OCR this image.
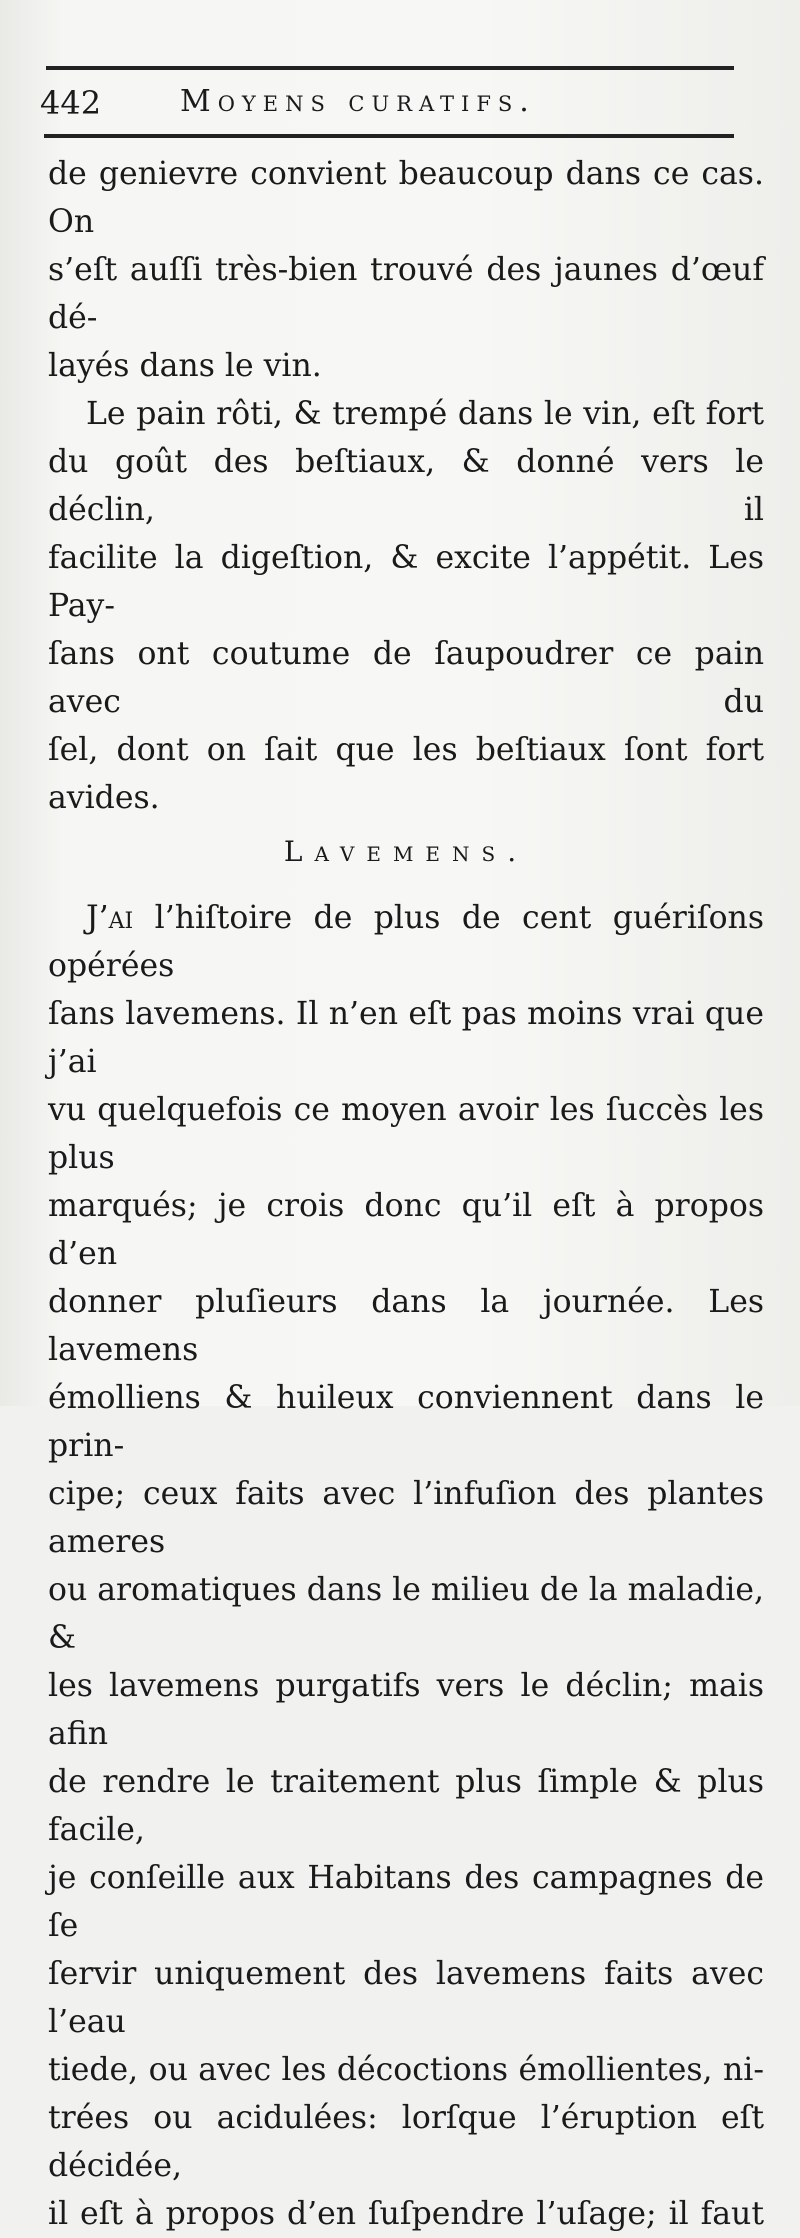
442	Moyens curatifs.

de genievre convient beaucoup dans ce cas. On
s’eſt auſſi très-bien trouvé des jaunes d’œuf dé-
layés dans le vin.

Le pain rôti, & trempé dans le vin, eſt fort
du goût des beſtiaux, & donné vers le déclin, il
facilite la digeſtion, & excite l’appétit. Les Pay-
ſans ont coutume de ſaupoudrer ce pain avec du
ſel, dont on ſait que les beſtiaux ſont fort
avides.

Lavemens.

J’ai l’hiſtoire de plus de cent guériſons opérées
ſans lavemens. Il n’en eſt pas moins vrai que j’ai
vu quelquefois ce moyen avoir les ſuccès les plus
marqués; je crois donc qu’il eſt à propos d’en
donner pluſieurs dans la journée. Les lavemens
émolliens & huileux conviennent dans le prin-
cipe; ceux faits avec l’infuſion des plantes ameres
ou aromatiques dans le milieu de la maladie, &
les lavemens purgatifs vers le déclin; mais afin
de rendre le traitement plus ſimple & plus facile,
je conſeille aux Habitans des campagnes de ſe
ſervir uniquement des lavemens faits avec l’eau
tiede, ou avec les décoctions émollientes, ni-
trées ou acidulées: lorſque l’éruption eſt décidée,
il eſt à propos d’en ſuſpendre l’uſage; il faut
